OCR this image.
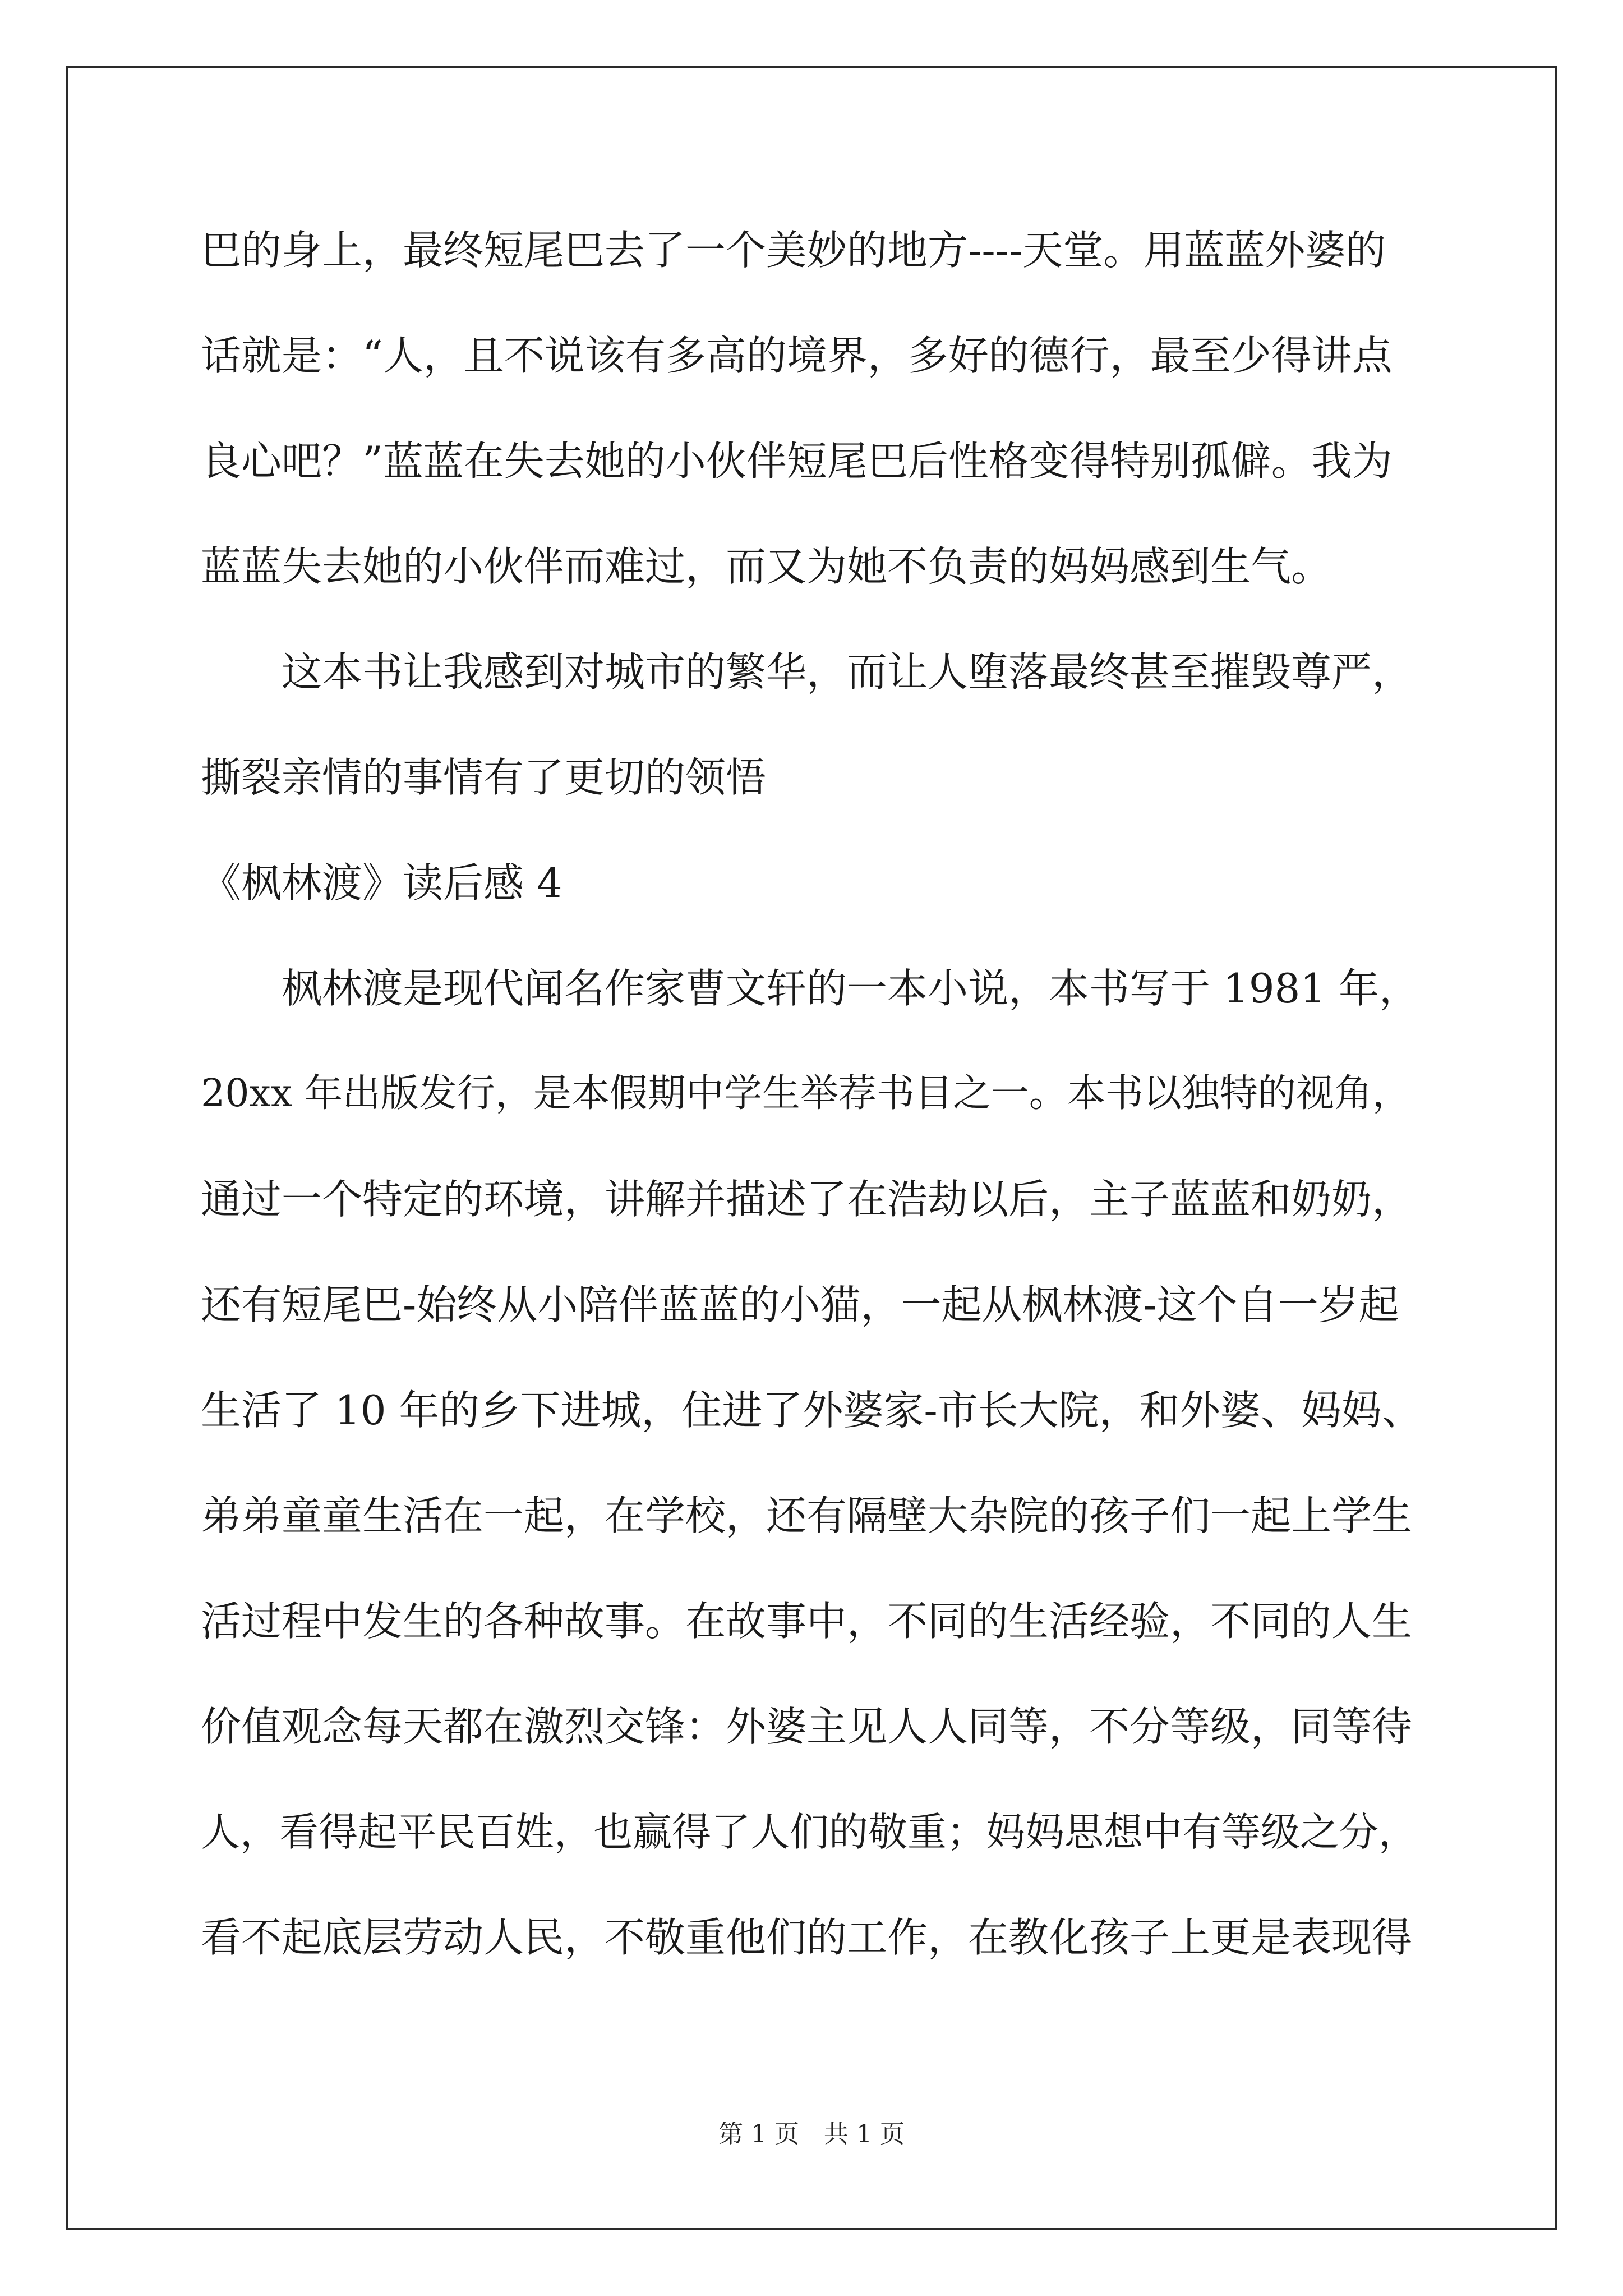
巴的身上，最终短尾巴去了一个美妙的地方----天堂。用蓝蓝外婆的
话就是：“人，且不说该有多高的境界，多好的德行，最至少得讲点
良心吧？”蓝蓝在失去她的小伙伴短尾巴后性格变得特别孤僻。我为
蓝蓝失去她的小伙伴而难过，而又为她不负责的妈妈感到生气。
这本书让我感到对城市的繁华，而让人堕落最终甚至摧毁尊严，
撕裂亲情的事情有了更切的领悟
《枫林渡》读后感 4
枫林渡是现代闻名作家曹文轩的一本小说，本书写于 1981 年，
20xx 年出版发行，是本假期中学生举荐书目之一。本书以独特的视角，
通过一个特定的环境，讲解并描述了在浩劫以后，主子蓝蓝和奶奶，
还有短尾巴-始终从小陪伴蓝蓝的小猫，一起从枫林渡-这个自一岁起
生活了 10 年的乡下进城，住进了外婆家-市长大院，和外婆、妈妈、
弟弟童童生活在一起，在学校，还有隔壁大杂院的孩子们一起上学生
活过程中发生的各种故事。在故事中，不同的生活经验，不同的人生
价值观念每天都在激烈交锋：外婆主见人人同等，不分等级，同等待
人，看得起平民百姓，也赢得了人们的敬重；妈妈思想中有等级之分，
看不起底层劳动人民，不敬重他们的工作，在教化孩子上更是表现得
第 1 页　共 1 页
